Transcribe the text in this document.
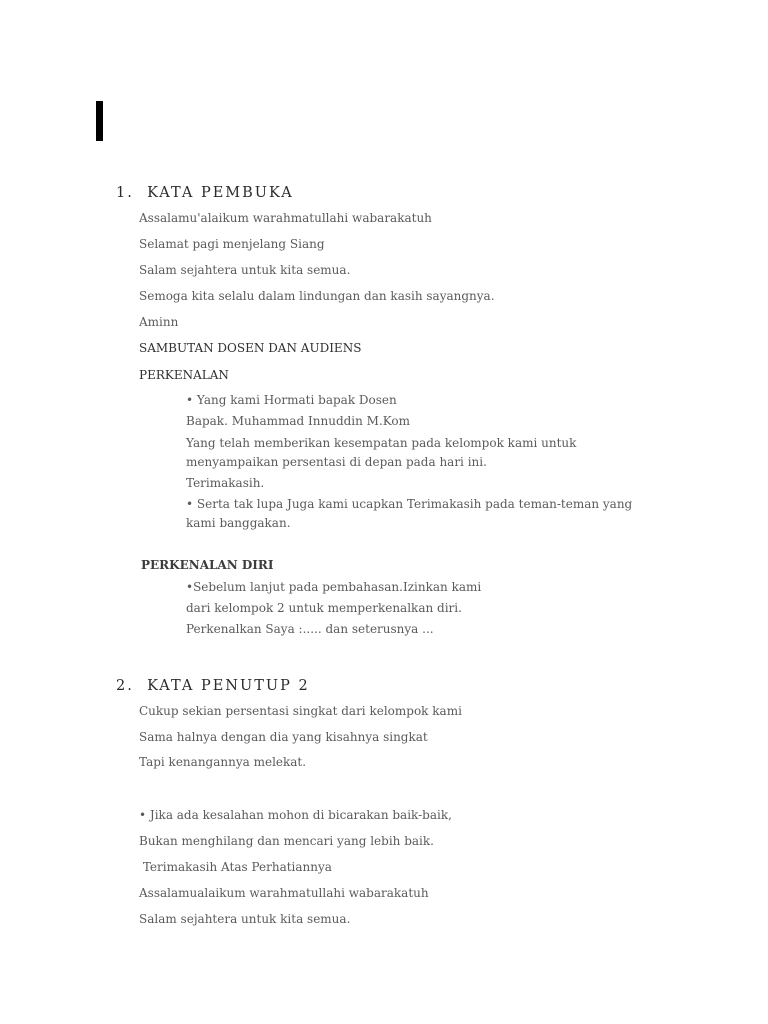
1. KATA PEMBUKA
Assalamu'alaikum warahmatullahi wabarakatuh
Selamat pagi menjelang Siang
Salam sejahtera untuk kita semua.
Semoga kita selalu dalam lindungan dan kasih sayangnya.
Aminn
SAMBUTAN DOSEN DAN AUDIENS
PERKENALAN
• Yang kami Hormati bapak Dosen
Bapak. Muhammad Innuddin M.Kom
Yang telah memberikan kesempatan pada kelompok kami untuk
menyampaikan persentasi di depan pada hari ini.
Terimakasih.
• Serta tak lupa Juga kami ucapkan Terimakasih pada teman-teman yang
kami banggakan.
PERKENALAN DIRI
•Sebelum lanjut pada pembahasan.Izinkan kami
dari kelompok 2 untuk memperkenalkan diri.
Perkenalkan Saya :..... dan seterusnya ...
2. KATA PENUTUP 2
Cukup sekian persentasi singkat dari kelompok kami
Sama halnya dengan dia yang kisahnya singkat
Tapi kenangannya melekat.
• Jika ada kesalahan mohon di bicarakan baik-baik,
Bukan menghilang dan mencari yang lebih baik.
Terimakasih Atas Perhatiannya
Assalamualaikum warahmatullahi wabarakatuh
Salam sejahtera untuk kita semua.
